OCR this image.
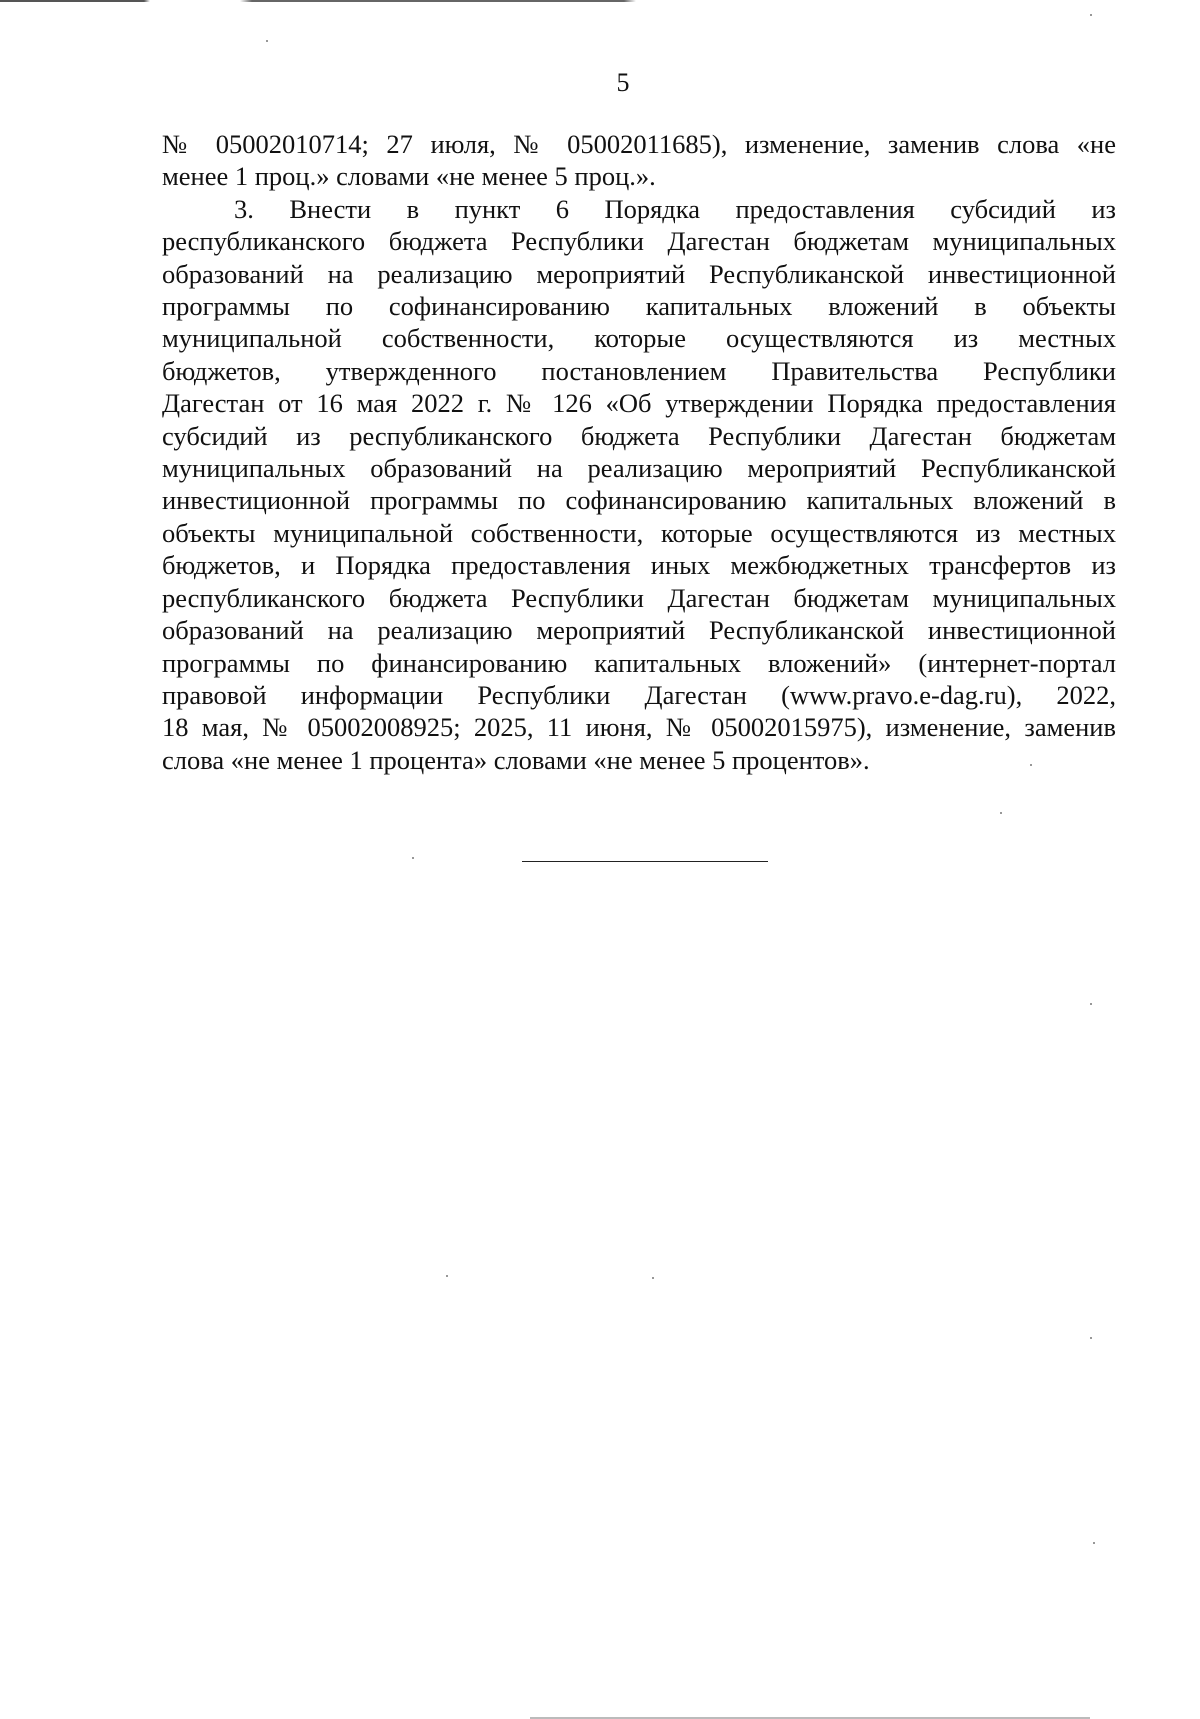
5
№ 05002010714; 27 июля, № 05002011685), изменение, заменив слова «не
менее 1 проц.» словами «не менее 5 проц.».
3. Внести в пункт 6 Порядка предоставления субсидий из
республиканского бюджета Республики Дагестан бюджетам муниципальных
образований на реализацию мероприятий Республиканской инвестиционной
программы по софинансированию капитальных вложений в объекты
муниципальной собственности, которые осуществляются из местных
бюджетов, утвержденного постановлением Правительства Республики
Дагестан от 16 мая 2022 г. № 126 «Об утверждении Порядка предоставления
субсидий из республиканского бюджета Республики Дагестан бюджетам
муниципальных образований на реализацию мероприятий Республиканской
инвестиционной программы по софинансированию капитальных вложений в
объекты муниципальной собственности, которые осуществляются из местных
бюджетов, и Порядка предоставления иных межбюджетных трансфертов из
республиканского бюджета Республики Дагестан бюджетам муниципальных
образований на реализацию мероприятий Республиканской инвестиционной
программы по финансированию капитальных вложений» (интернет-портал
правовой информации Республики Дагестан (www.pravo.e-dag.ru), 2022,
18 мая, № 05002008925; 2025, 11 июня, № 05002015975), изменение, заменив
слова «не менее 1 процента» словами «не менее 5 процентов».
